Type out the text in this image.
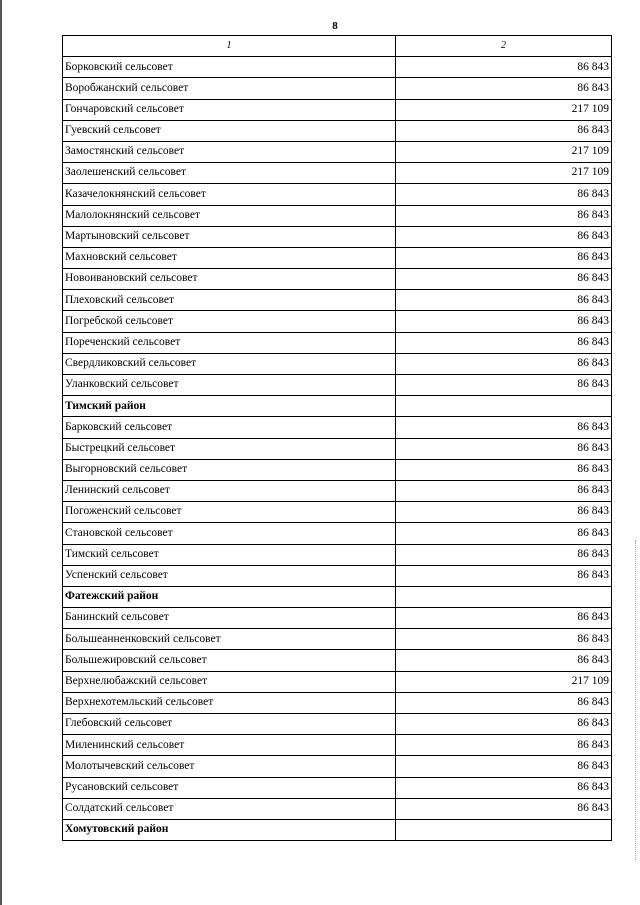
8
1	2
Борковский сельсовет	86 843
Воробжанский сельсовет	86 843
Гончаровский сельсовет	217 109
Гуевский сельсовет	86 843
Замостянский сельсовет	217 109
Заолешенский сельсовет	217 109
Казачелокнянский сельсовет	86 843
Малолокнянский сельсовет	86 843
Мартыновский сельсовет	86 843
Махновский сельсовет	86 843
Новоивановский сельсовет	86 843
Плеховский сельсовет	86 843
Погребской сельсовет	86 843
Пореченский сельсовет	86 843
Свердликовский сельсовет	86 843
Уланковский сельсовет	86 843
Тимский район	
Барковский сельсовет	86 843
Быстрецкий сельсовет	86 843
Выгорновский сельсовет	86 843
Ленинский сельсовет	86 843
Погоженский сельсовет	86 843
Становской сельсовет	86 843
Тимский сельсовет	86 843
Успенский сельсовет	86 843
Фатежский район	
Банинский сельсовет	86 843
Большеанненковский сельсовет	86 843
Большежировский сельсовет	86 843
Верхнелюбажский сельсовет	217 109
Верхнехотемльский сельсовет	86 843
Глебовский сельсовет	86 843
Миленинский сельсовет	86 843
Молотычевский сельсовет	86 843
Русановский сельсовет	86 843
Солдатский сельсовет	86 843
Хомутовский район	
